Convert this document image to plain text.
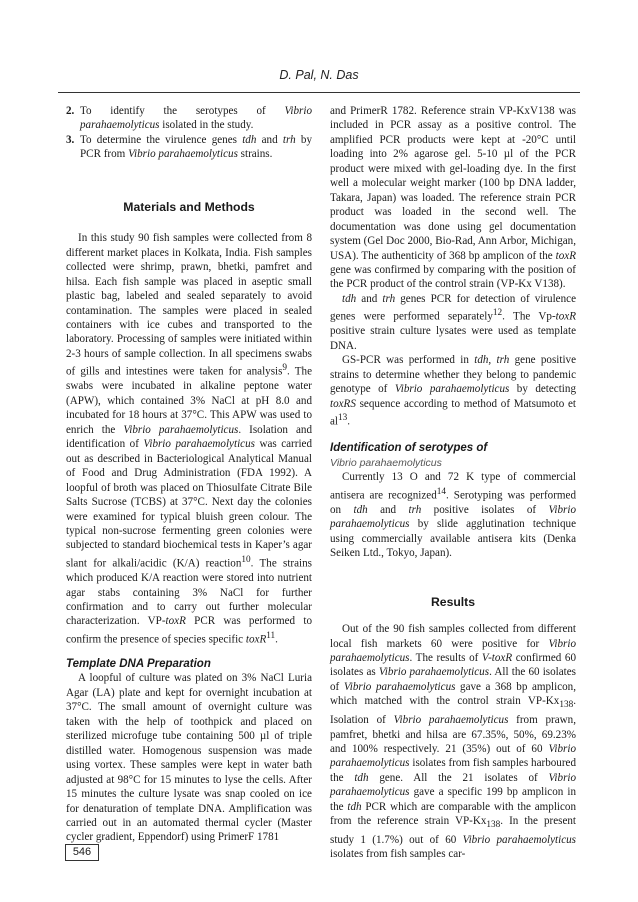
D. Pal, N. Das
2. To identify the serotypes of Vibrio parahaemolyticus isolated in the study.
3. To determine the virulence genes tdh and trh by PCR from Vibrio parahaemolyticus strains.
Materials and Methods

In this study 90 fish samples were collected from 8 different market places in Kolkata, India. Fish samples collected were shrimp, prawn, bhetki, pamfret and hilsa. Each fish sample was placed in aseptic small plastic bag, labeled and sealed separately to avoid contamination. The samples were placed in sealed containers with ice cubes and transported to the laboratory. Processing of samples were initiated within 2-3 hours of sample collection. In all specimens swabs of gills and intestines were taken for analysis$^9$. The swabs were incubated in alkaline peptone water (APW), which contained 3% NaCl at pH 8.0 and incubated for 18 hours at 37°C. This APW was used to enrich the Vibrio parahaemolyticus. Isolation and identification of Vibrio parahaemolyticus was carried out as described in Bacteriological Analytical Manual of Food and Drug Administration (FDA 1992). A loopful of broth was placed on Thiosulfate Citrate Bile Salts Sucrose (TCBS) at 37°C. Next day the colonies were examined for typical bluish green colour. The typical non-sucrose fermenting green colonies were subjected to standard biochemical tests in Kaper’s agar slant for alkali/acidic (K/A) reaction$^{10}$. The strains which produced K/A reaction were stored into nutrient agar stabs containing 3% NaCl for further confirmation and to carry out further molecular characterization. VP-toxR PCR was performed to confirm the presence of species specific toxR$^{11}$.

Template DNA Preparation

A loopful of culture was plated on 3% NaCl Luria Agar (LA) plate and kept for overnight incubation at 37°C. The small amount of overnight culture was taken with the help of toothpick and placed on sterilized microfuge tube containing 500 µl of triple distilled water. Homogenous suspension was made using vortex. These samples were kept in water bath adjusted at 98°C for 15 minutes to lyse the cells. After 15 minutes the culture lysate was snap cooled on ice for denaturation of template DNA. Amplification was carried out in an automated thermal cycler (Master cycler gradient, Eppendorf) using PrimerF 1781

and PrimerR 1782. Reference strain VP-KxV138 was included in PCR assay as a positive control. The amplified PCR products were kept at -20°C until loading into 2% agarose gel. 5-10 µl of the PCR product were mixed with gel-loading dye. In the first well a molecular weight marker (100 bp DNA ladder, Takara, Japan) was loaded. The reference strain PCR product was loaded in the second well. The documentation was done using gel documentation system (Gel Doc 2000, Bio-Rad, Ann Arbor, Michigan, USA). The authenticity of 368 bp amplicon of the toxR gene was confirmed by comparing with the position of the PCR product of the control strain (VP-Kx V138).

tdh and trh genes PCR for detection of virulence genes were performed separately$^{12}$. The Vp-toxR positive strain culture lysates were used as template DNA.

GS-PCR was performed in tdh, trh gene positive strains to determine whether they belong to pandemic genotype of Vibrio parahaemolyticus by detecting toxRS sequence according to method of Matsumoto et $al^{13}$.

Identification of serotypes of
Vibrio parahaemolyticus

Currently 13 O and 72 K type of commercial antisera are recognized$^{14}$. Serotyping was performed on tdh and trh positive isolates of Vibrio parahaemolyticus by slide agglutination technique using commercially available antisera kits (Denka Seiken Ltd., Tokyo, Japan).

Results

Out of the 90 fish samples collected from different local fish markets 60 were positive for Vibrio parahaemolyticus. The results of V-toxR confirmed 60 isolates as Vibrio parahaemolyticus. All the 60 isolates of Vibrio parahaemolyticus gave a 368 bp amplicon, which matched with the control strain $VP-Kx_{138}$. Isolation of Vibrio parahaemolyticus from prawn, pamfret, bhetki and hilsa are 67.35%, 50%, 69.23% and 100% respectively. 21 (35%) out of 60 Vibrio parahaemolyticus isolates from fish samples harboured the tdh gene. All the 21 isolates of Vibrio parahaemolyticus gave a specific 199 bp amplicon in the tdh PCR which are comparable with the amplicon from the reference strain $VP-Kx_{138}$. In the present study 1 (1.7%) out of 60 Vibrio parahaemolyticus isolates from fish samples car-

546
